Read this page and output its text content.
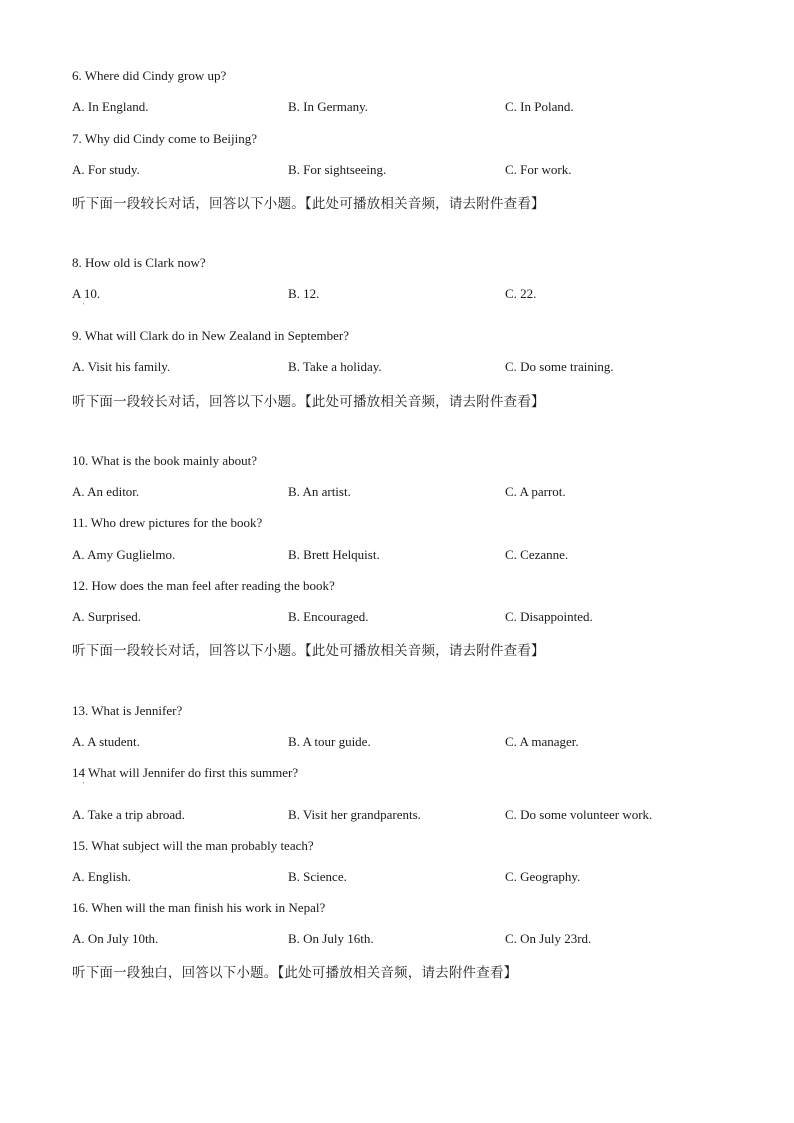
6. Where did Cindy grow up?
A. In England.	B. In Germany.	C. In Poland.
7. Why did Cindy come to Beijing?
A. For study.	B. For sightseeing.	C. For work.
听下面一段较长对话，回答以下小题。【此处可播放相关音频，请去附件查看】
8. How old is Clark now?
A 10.	B. 12.	C. 22.
'
9. What will Clark do in New Zealand in September?
A. Visit his family.	B. Take a holiday.	C. Do some training.
听下面一段较长对话，回答以下小题。【此处可播放相关音频，请去附件查看】
10. What is the book mainly about?
A. An editor.	B. An artist.	C. A parrot.
11. Who drew pictures for the book?
A. Amy Guglielmo.	B. Brett Helquist.	C. Cezanne.
12. How does the man feel after reading the book?
A. Surprised.	B. Encouraged.	C. Disappointed.
听下面一段较长对话，回答以下小题。【此处可播放相关音频，请去附件查看】
13. What is Jennifer?
A. A student.	B. A tour guide.	C. A manager.
14 What will Jennifer do first this summer?
'
A. Take a trip abroad.	B. Visit her grandparents.	C. Do some volunteer work.
15. What subject will the man probably teach?
A. English.	B. Science.	C. Geography.
16. When will the man finish his work in Nepal?
A. On July 10th.	B. On July 16th.	C. On July 23rd.
听下面一段独白，回答以下小题。【此处可播放相关音频，请去附件查看】
